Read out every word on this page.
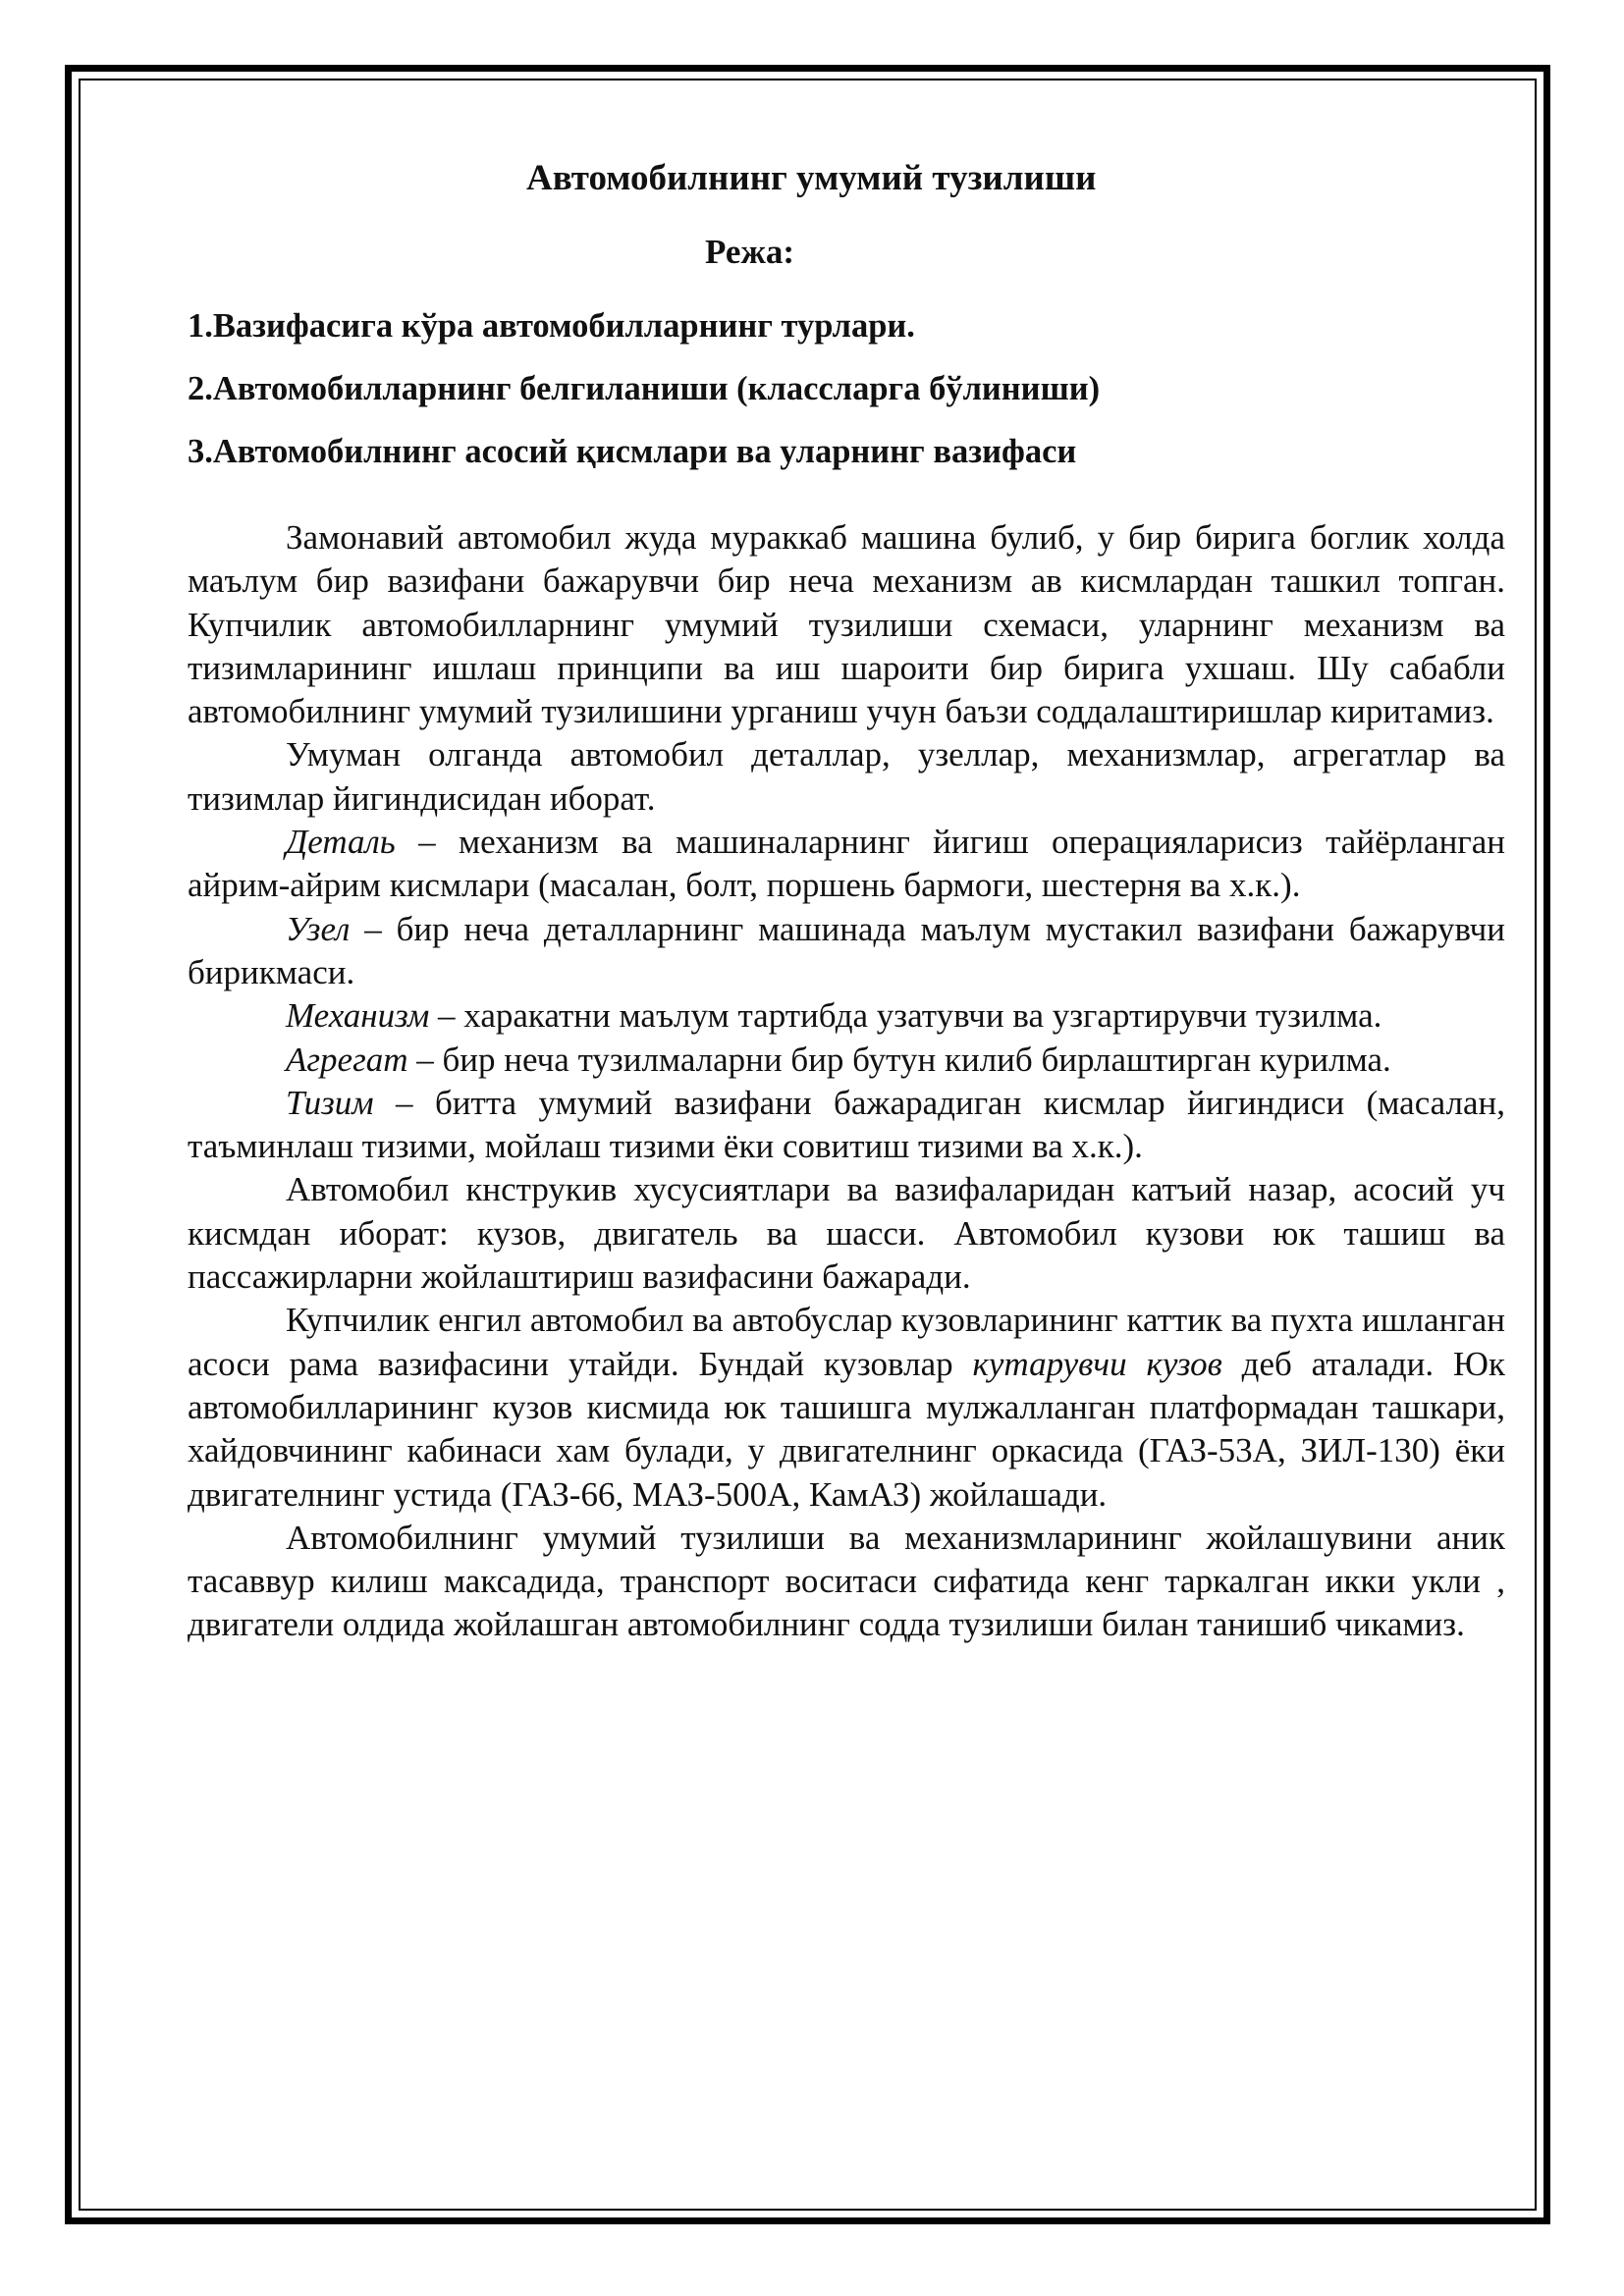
Автомобилнинг умумий тузилиши
Режа:
1.Вазифасига кўра автомобилларнинг турлари.
2.Автомобилларнинг белгиланиши (классларга бўлиниши)
3.Автомобилнинг асосий қисмлари ва уларнинг вазифаси

Замонавий автомобил жуда мураккаб машина булиб, у бир бирига боглик холда маълум бир вазифани бажарувчи бир неча механизм ав кисмлардан ташкил топган. Купчилик автомобилларнинг умумий тузилиши схемаси, уларнинг механизм ва тизимларининг ишлаш принципи ва иш шароити бир бирига ухшаш. Шу сабабли автомобилнинг умумий тузилишини урганиш учун баъзи соддалаштиришлар киритамиз.

Умуман олганда автомобил деталлар, узеллар, механизмлар, агрегатлар ва тизимлар йигиндисидан иборат.

Деталь – механизм ва машиналарнинг йигиш операцияларисиз тайёрланган айрим-айрим кисмлари (масалан, болт, поршень бармоги, шестерня ва х.к.).

Узел – бир неча деталларнинг машинада маълум мустакил вазифани бажарувчи бирикмаси.

Механизм – харакатни маълум тартибда узатувчи ва узгартирувчи тузилма.

Агрегат – бир неча тузилмаларни бир бутун килиб бирлаштирган курилма.

Тизим – битта умумий вазифани бажарадиган кисмлар йигиндиси (масалан, таъминлаш тизими, мойлаш тизими ёки совитиш тизими ва х.к.).

Автомобил кнструкив хусусиятлари ва вазифаларидан катъий назар, асосий уч кисмдан иборат: кузов, двигатель ва шасси. Автомобил кузови юк ташиш ва пассажирларни жойлаштириш вазифасини бажаради.

Купчилик енгил автомобил ва автобуслар кузовларининг каттик ва пухта ишланган асоси рама вазифасини утайди. Бундай кузовлар кутарувчи кузов деб аталади. Юк автомобилларининг кузов кисмида юк ташишга мулжалланган платформадан ташкари, хайдовчининг кабинаси хам булади, у двигателнинг оркасида (ГАЗ-53А, ЗИЛ-130) ёки двигателнинг устида (ГАЗ-66, МАЗ-500А, КамАЗ) жойлашади.

Автомобилнинг умумий тузилиши ва механизмларининг жойлашувини аник тасаввур килиш максадида, транспорт воситаси сифатида кенг таркалган икки укли , двигатели олдида жойлашган автомобилнинг содда тузилиши билан танишиб чикамиз.
